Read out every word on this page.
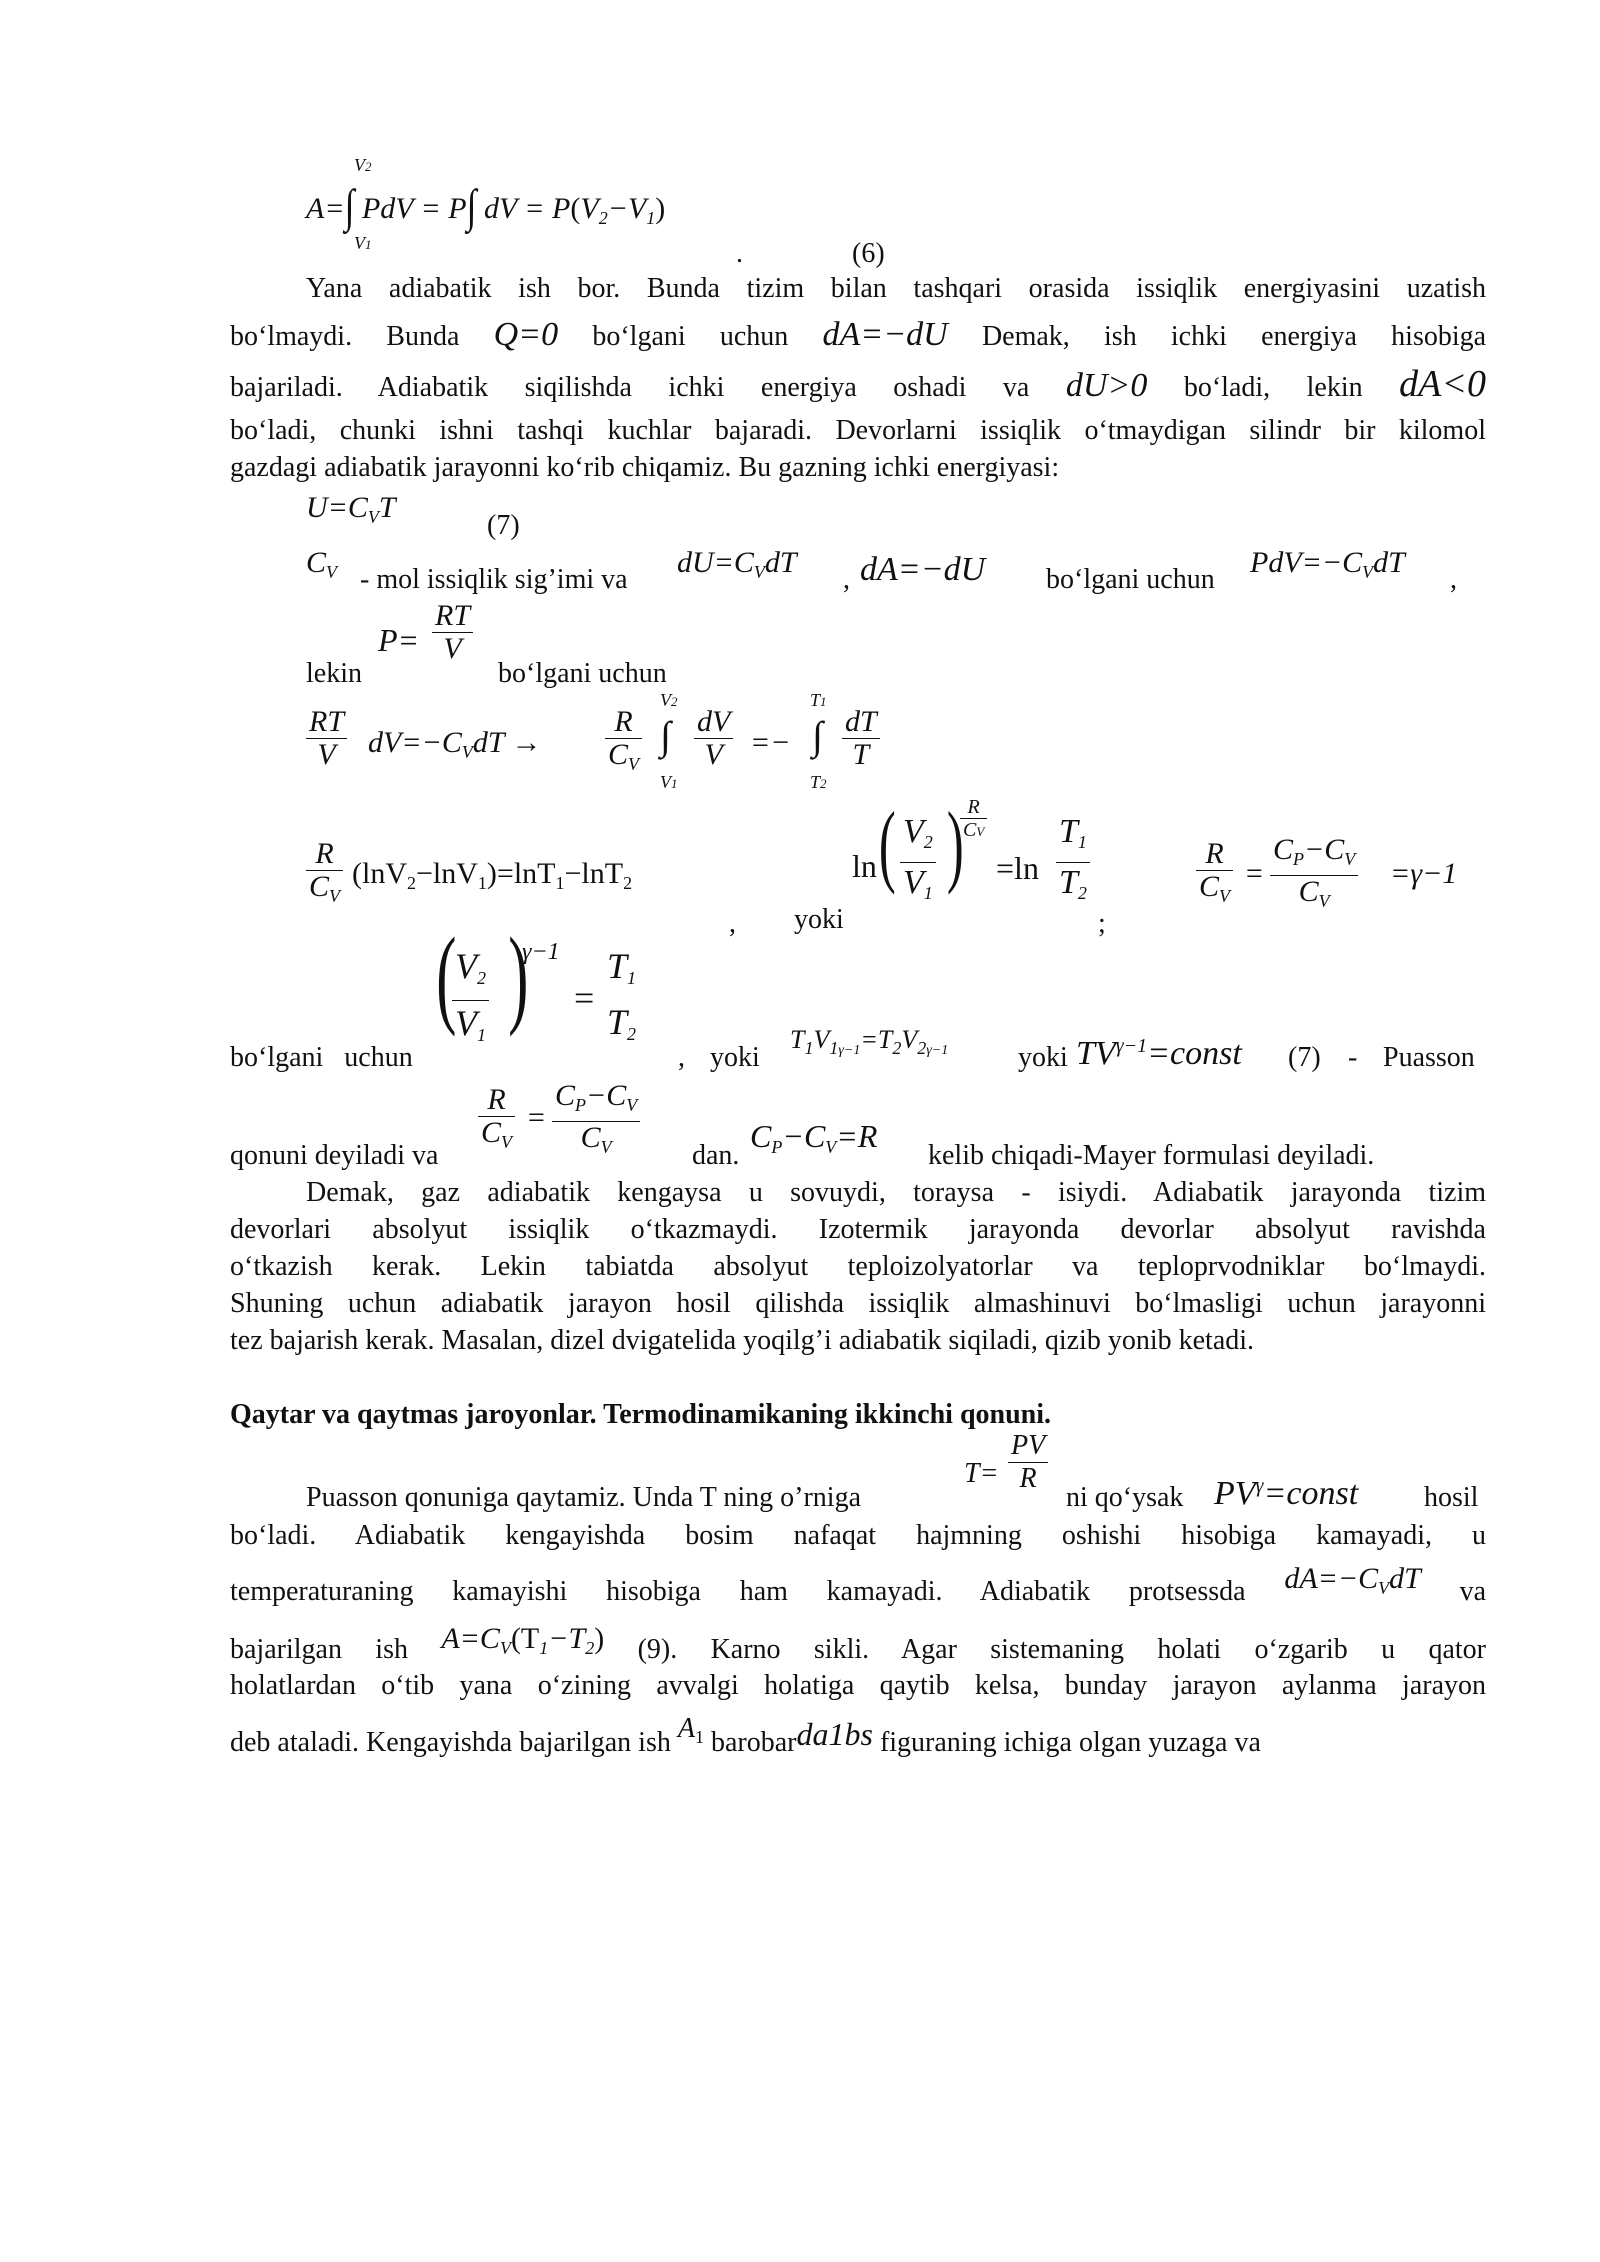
V2
V1
A=∫ PdV = P∫ dV = $P(V_2-V_1)$
.	(6)
Yana adiabatik ish bor. Bunda tizim bilan tashqari orasida issiqlik energiyasini uzatish
boʻlmaydi. Bunda Q=0 boʻlgani uchun dA=−dU Demak, ish ichki energiya hisobiga
bajariladi. Adiabatik siqilishda ichki energiya oshadi va dU>0 boʻladi, lekin dA<0
boʻladi, chunki ishni tashqi kuchlar bajaradi. Devorlarni issiqlik oʻtmaydigan silindr bir kilomol
gazdagi adiabatik jarayonni koʻrib chiqamiz. Bu gazning ichki energiyasi:
$U=C_VT$
(7)
$C_V$ - mol issiqlik sig’imi va
$dU=C_VdT$
, dA=−dU boʻlgani uchun
$PdV=-C_VdT$
,
lekin
$P= \frac{RT}{V}$
boʻlgani uchun
$\frac{RT}{V} dV=-C_VdT \to \frac{R}{C_V}$
V2
∫
V1
$\frac{dV}{V}$ =−
T1
∫
T2
$\frac{dT}{T}$
$\frac{R}{C_V} (\ln V_2-\ln V_1)=\ln T_1-\ln T_2$
, yoki
ln ( $\frac{V_2}{V_1}$ )
$\frac{R}{CV}$
$=\ln \frac{T_1}{T_2}$
;
$\frac{R}{C_V} = \frac{C_P-C_V}{C_V} =\gamma-1$
boʻlgani uchun
(
$\frac{V_2}{V_1}$ )
γ−1
=
$T_1$
$T_2$
, yoki
$T_1V_{1\gamma-1}=T_2V_{2\gamma-1}$ yoki $TV^{\gamma-1}=const$ (7) - Puasson
qonuni deyiladi va $\frac{R}{C_V} = \frac{C_P-C_V}{C_V}$ dan.
$C_P-C_V=R$
kelib chiqadi-Mayer formulasi deyiladi.
Demak, gaz adiabatik kengaysa u sovuydi, toraysa - isiydi. Adiabatik jarayonda tizim
devorlari absolyut issiqlik oʻtkazmaydi. Izotermik jarayonda devorlar absolyut ravishda
oʻtkazish kerak. Lekin tabiatda absolyut teploizolyatorlar va teploprvodniklar boʻlmaydi.
Shuning uchun adiabatik jarayon hosil qilishda issiqlik almashinuvi boʻlmasligi uchun jarayonni
tez bajarish kerak. Masalan, dizel dvigatelida yoqilg’i adiabatik siqiladi, qizib yonib ketadi.
Qaytar va qaytmas jaroyonlar. Termodinamikaning ikkinchi qonuni.
Puasson qonuniga qaytamiz. Unda T ning o’rniga
$T= \frac{PV}{R}$
ni qoʻysak $PV^\gamma=const$ hosil
boʻladi. Adiabatik kengayishda bosim nafaqat hajmning oshishi hisobiga kamayadi, u
temperaturaning kamayishi hisobiga ham kamayadi. Adiabatik protsessda $dA=-C_VdT$ va
bajarilgan ish $A=C_V(T_1-T_2)$ (9). Karno sikli. Agar sistemaning holati oʻzgarib u qator
holatlardan oʻtib yana oʻzining avvalgi holatiga qaytib kelsa, bunday jarayon aylanma jarayon
deb ataladi. Kengayishda bajarilgan ish $A_1$ barobarda1bs figuraning ichiga olgan yuzaga va
